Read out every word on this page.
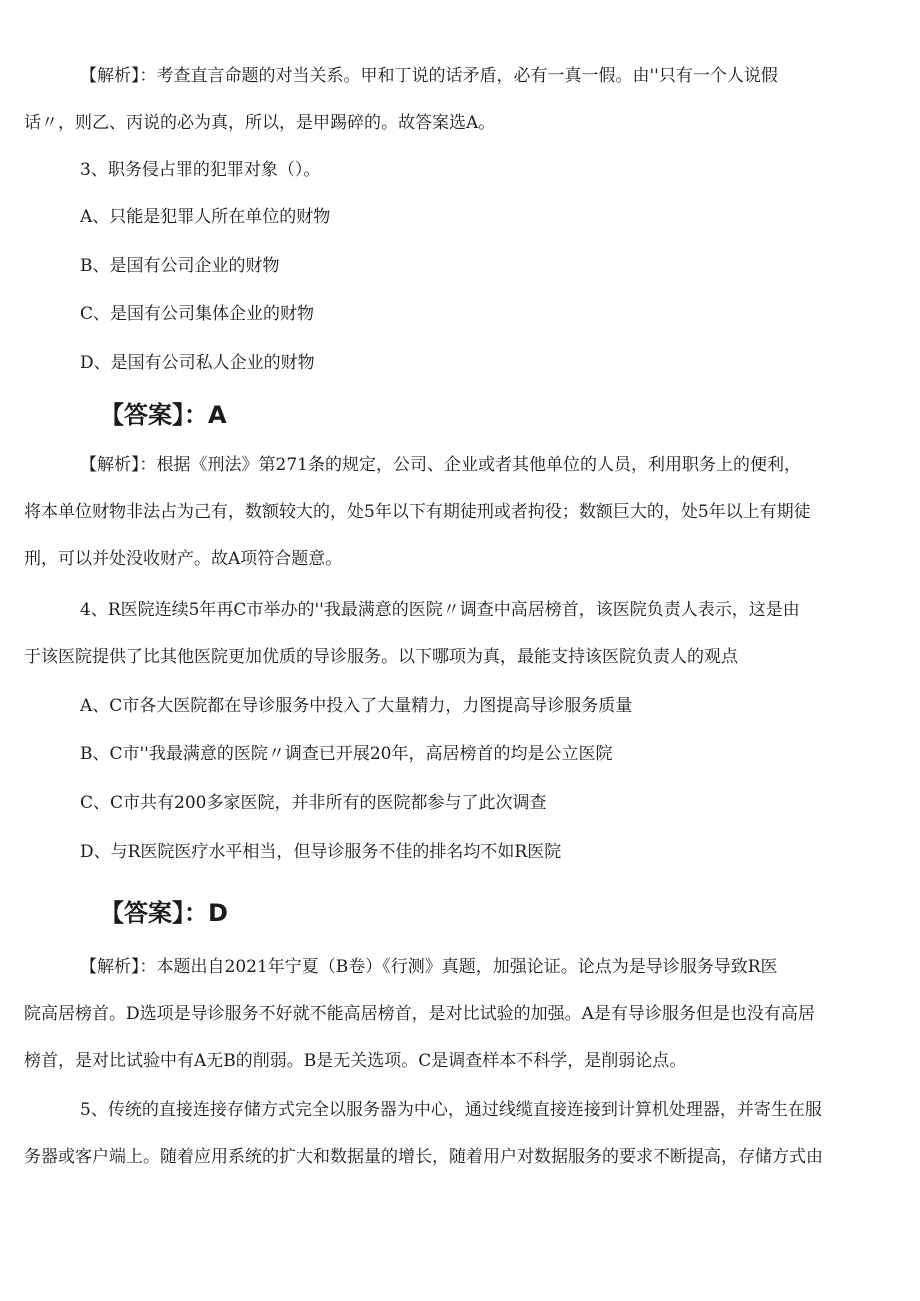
【解析】：考查直言命题的对当关系。甲和丁说的话矛盾，必有一真一假。由''只有一个人说假
话〃，则乙、丙说的必为真，所以，是甲踢碎的。故答案选A。
3、职务侵占罪的犯罪对象（）。
A、只能是犯罪人所在单位的财物
B、是国有公司企业的财物
C、是国有公司集体企业的财物
D、是国有公司私人企业的财物
【答案】：A
【解析】：根据《刑法》第271条的规定，公司、企业或者其他单位的人员，利用职务上的便利，
将本单位财物非法占为己有，数额较大的，处5年以下有期徒刑或者拘役；数额巨大的，处5年以上有期徒
刑，可以并处没收财产。故A项符合题意。
4、R医院连续5年再C市举办的''我最满意的医院〃调查中高居榜首，该医院负责人表示，这是由
于该医院提供了比其他医院更加优质的导诊服务。以下哪项为真，最能支持该医院负责人的观点
A、C市各大医院都在导诊服务中投入了大量精力，力图提高导诊服务质量
B、C市''我最满意的医院〃调查已开展20年，高居榜首的均是公立医院
C、C市共有200多家医院，并非所有的医院都参与了此次调查
D、与R医院医疗水平相当，但导诊服务不佳的排名均不如R医院
【答案】：D
【解析】：本题出自2021年宁夏（B卷）《行测》真题，加强论证。论点为是导诊服务导致R医
院高居榜首。D选项是导诊服务不好就不能高居榜首，是对比试验的加强。A是有导诊服务但是也没有高居
榜首，是对比试验中有A无B的削弱。B是无关选项。C是调查样本不科学，是削弱论点。
5、传统的直接连接存储方式完全以服务器为中心，通过线缆直接连接到计算机处理器，并寄生在服
务器或客户端上。随着应用系统的扩大和数据量的增长，随着用户对数据服务的要求不断提高，存储方式由
